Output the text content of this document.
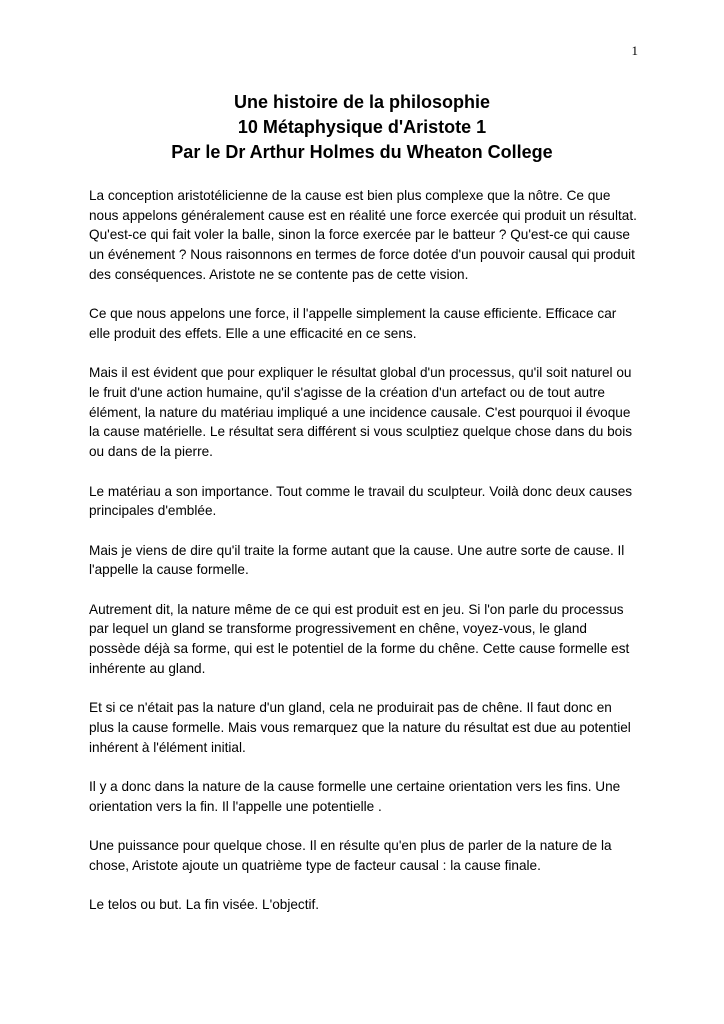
1
Une histoire de la philosophie
10 Métaphysique d'Aristote 1
Par le Dr Arthur Holmes du Wheaton College

La conception aristotélicienne de la cause est bien plus complexe que la nôtre. Ce que nous appelons généralement cause est en réalité une force exercée qui produit un résultat. Qu'est-ce qui fait voler la balle, sinon la force exercée par le batteur ? Qu'est-ce qui cause un événement ? Nous raisonnons en termes de force dotée d'un pouvoir causal qui produit des conséquences. Aristote ne se contente pas de cette vision.

Ce que nous appelons une force, il l'appelle simplement la cause efficiente. Efficace car elle produit des effets. Elle a une efficacité en ce sens.

Mais il est évident que pour expliquer le résultat global d'un processus, qu'il soit naturel ou le fruit d'une action humaine, qu'il s'agisse de la création d'un artefact ou de tout autre élément, la nature du matériau impliqué a une incidence causale. C'est pourquoi il évoque la cause matérielle. Le résultat sera différent si vous sculptiez quelque chose dans du bois ou dans de la pierre.

Le matériau a son importance. Tout comme le travail du sculpteur. Voilà donc deux causes principales d'emblée.

Mais je viens de dire qu'il traite la forme autant que la cause. Une autre sorte de cause. Il l'appelle la cause formelle.

Autrement dit, la nature même de ce qui est produit est en jeu. Si l'on parle du processus par lequel un gland se transforme progressivement en chêne, voyez-vous, le gland possède déjà sa forme, qui est le potentiel de la forme du chêne. Cette cause formelle est inhérente au gland.

Et si ce n'était pas la nature d'un gland, cela ne produirait pas de chêne. Il faut donc en plus la cause formelle. Mais vous remarquez que la nature du résultat est due au potentiel inhérent à l'élément initial.

Il y a donc dans la nature de la cause formelle une certaine orientation vers les fins. Une orientation vers la fin. Il l'appelle une potentielle .

Une puissance pour quelque chose. Il en résulte qu'en plus de parler de la nature de la chose, Aristote ajoute un quatrième type de facteur causal : la cause finale.

Le telos ou but. La fin visée. L'objectif.
